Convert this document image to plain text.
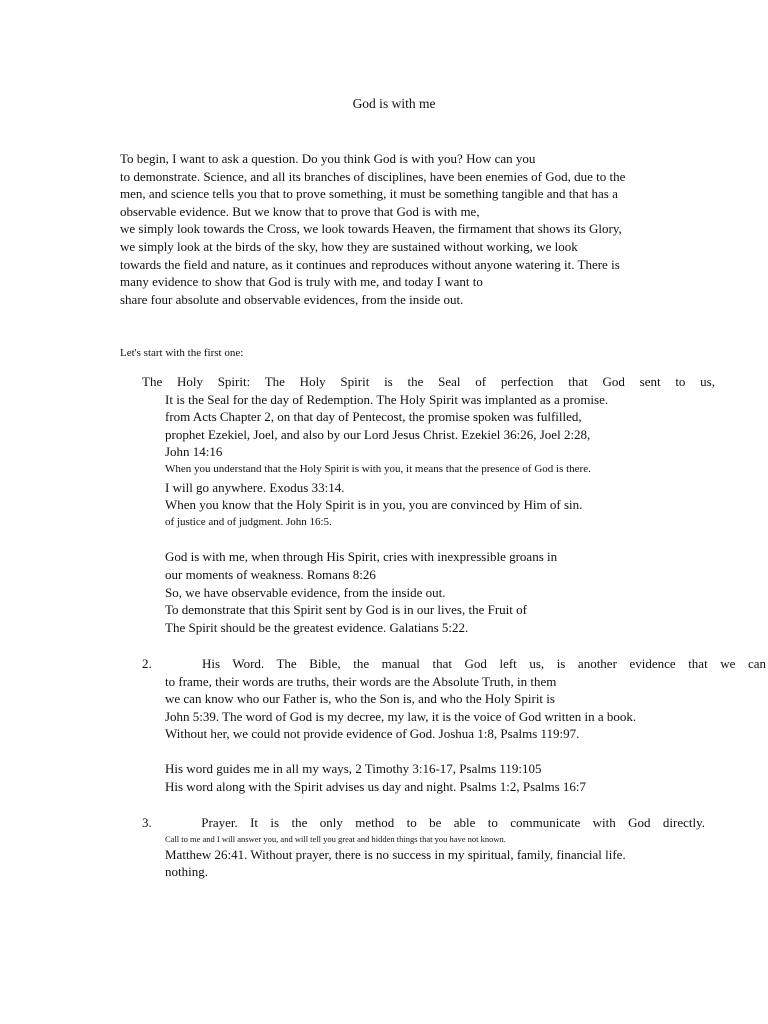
God is with me
To begin, I want to ask a question. Do you think God is with you? How can you
to demonstrate. Science, and all its branches of disciplines, have been enemies of God, due to the
men, and science tells you that to prove something, it must be something tangible and that has a
observable evidence. But we know that to prove that God is with me,
we simply look towards the Cross, we look towards Heaven, the firmament that shows its Glory,
we simply look at the birds of the sky, how they are sustained without working, we look
towards the field and nature, as it continues and reproduces without anyone watering it. There is
many evidence to show that God is truly with me, and today I want to
share four absolute and observable evidences, from the inside out.
Let's start with the first one:
The Holy Spirit: The Holy Spirit is the Seal of perfection that God sent to us,
It is the Seal for the day of Redemption. The Holy Spirit was implanted as a promise.
from Acts Chapter 2, on that day of Pentecost, the promise spoken was fulfilled,
prophet Ezekiel, Joel, and also by our Lord Jesus Christ. Ezekiel 36:26, Joel 2:28,
John 14:16
When you understand that the Holy Spirit is with you, it means that the presence of God is there.
I will go anywhere. Exodus 33:14.
When you know that the Holy Spirit is in you, you are convinced by Him of sin.
of justice and of judgment. John 16:5.
God is with me, when through His Spirit, cries with inexpressible groans in
our moments of weakness. Romans 8:26
So, we have observable evidence, from the inside out.
To demonstrate that this Spirit sent by God is in our lives, the Fruit of
The Spirit should be the greatest evidence. Galatians 5:22.
2.	His Word. The Bible, the manual that God left us, is another evidence that we can
to frame, their words are truths, their words are the Absolute Truth, in them
we can know who our Father is, who the Son is, and who the Holy Spirit is
John 5:39. The word of God is my decree, my law, it is the voice of God written in a book.
Without her, we could not provide evidence of God. Joshua 1:8, Psalms 119:97.
His word guides me in all my ways, 2 Timothy 3:16-17, Psalms 119:105
His word along with the Spirit advises us day and night. Psalms 1:2, Psalms 16:7
3.	Prayer. It is the only method to be able to communicate with God directly.
Call to me and I will answer you, and will tell you great and hidden things that you have not known.
Matthew 26:41. Without prayer, there is no success in my spiritual, family, financial life.
nothing.
